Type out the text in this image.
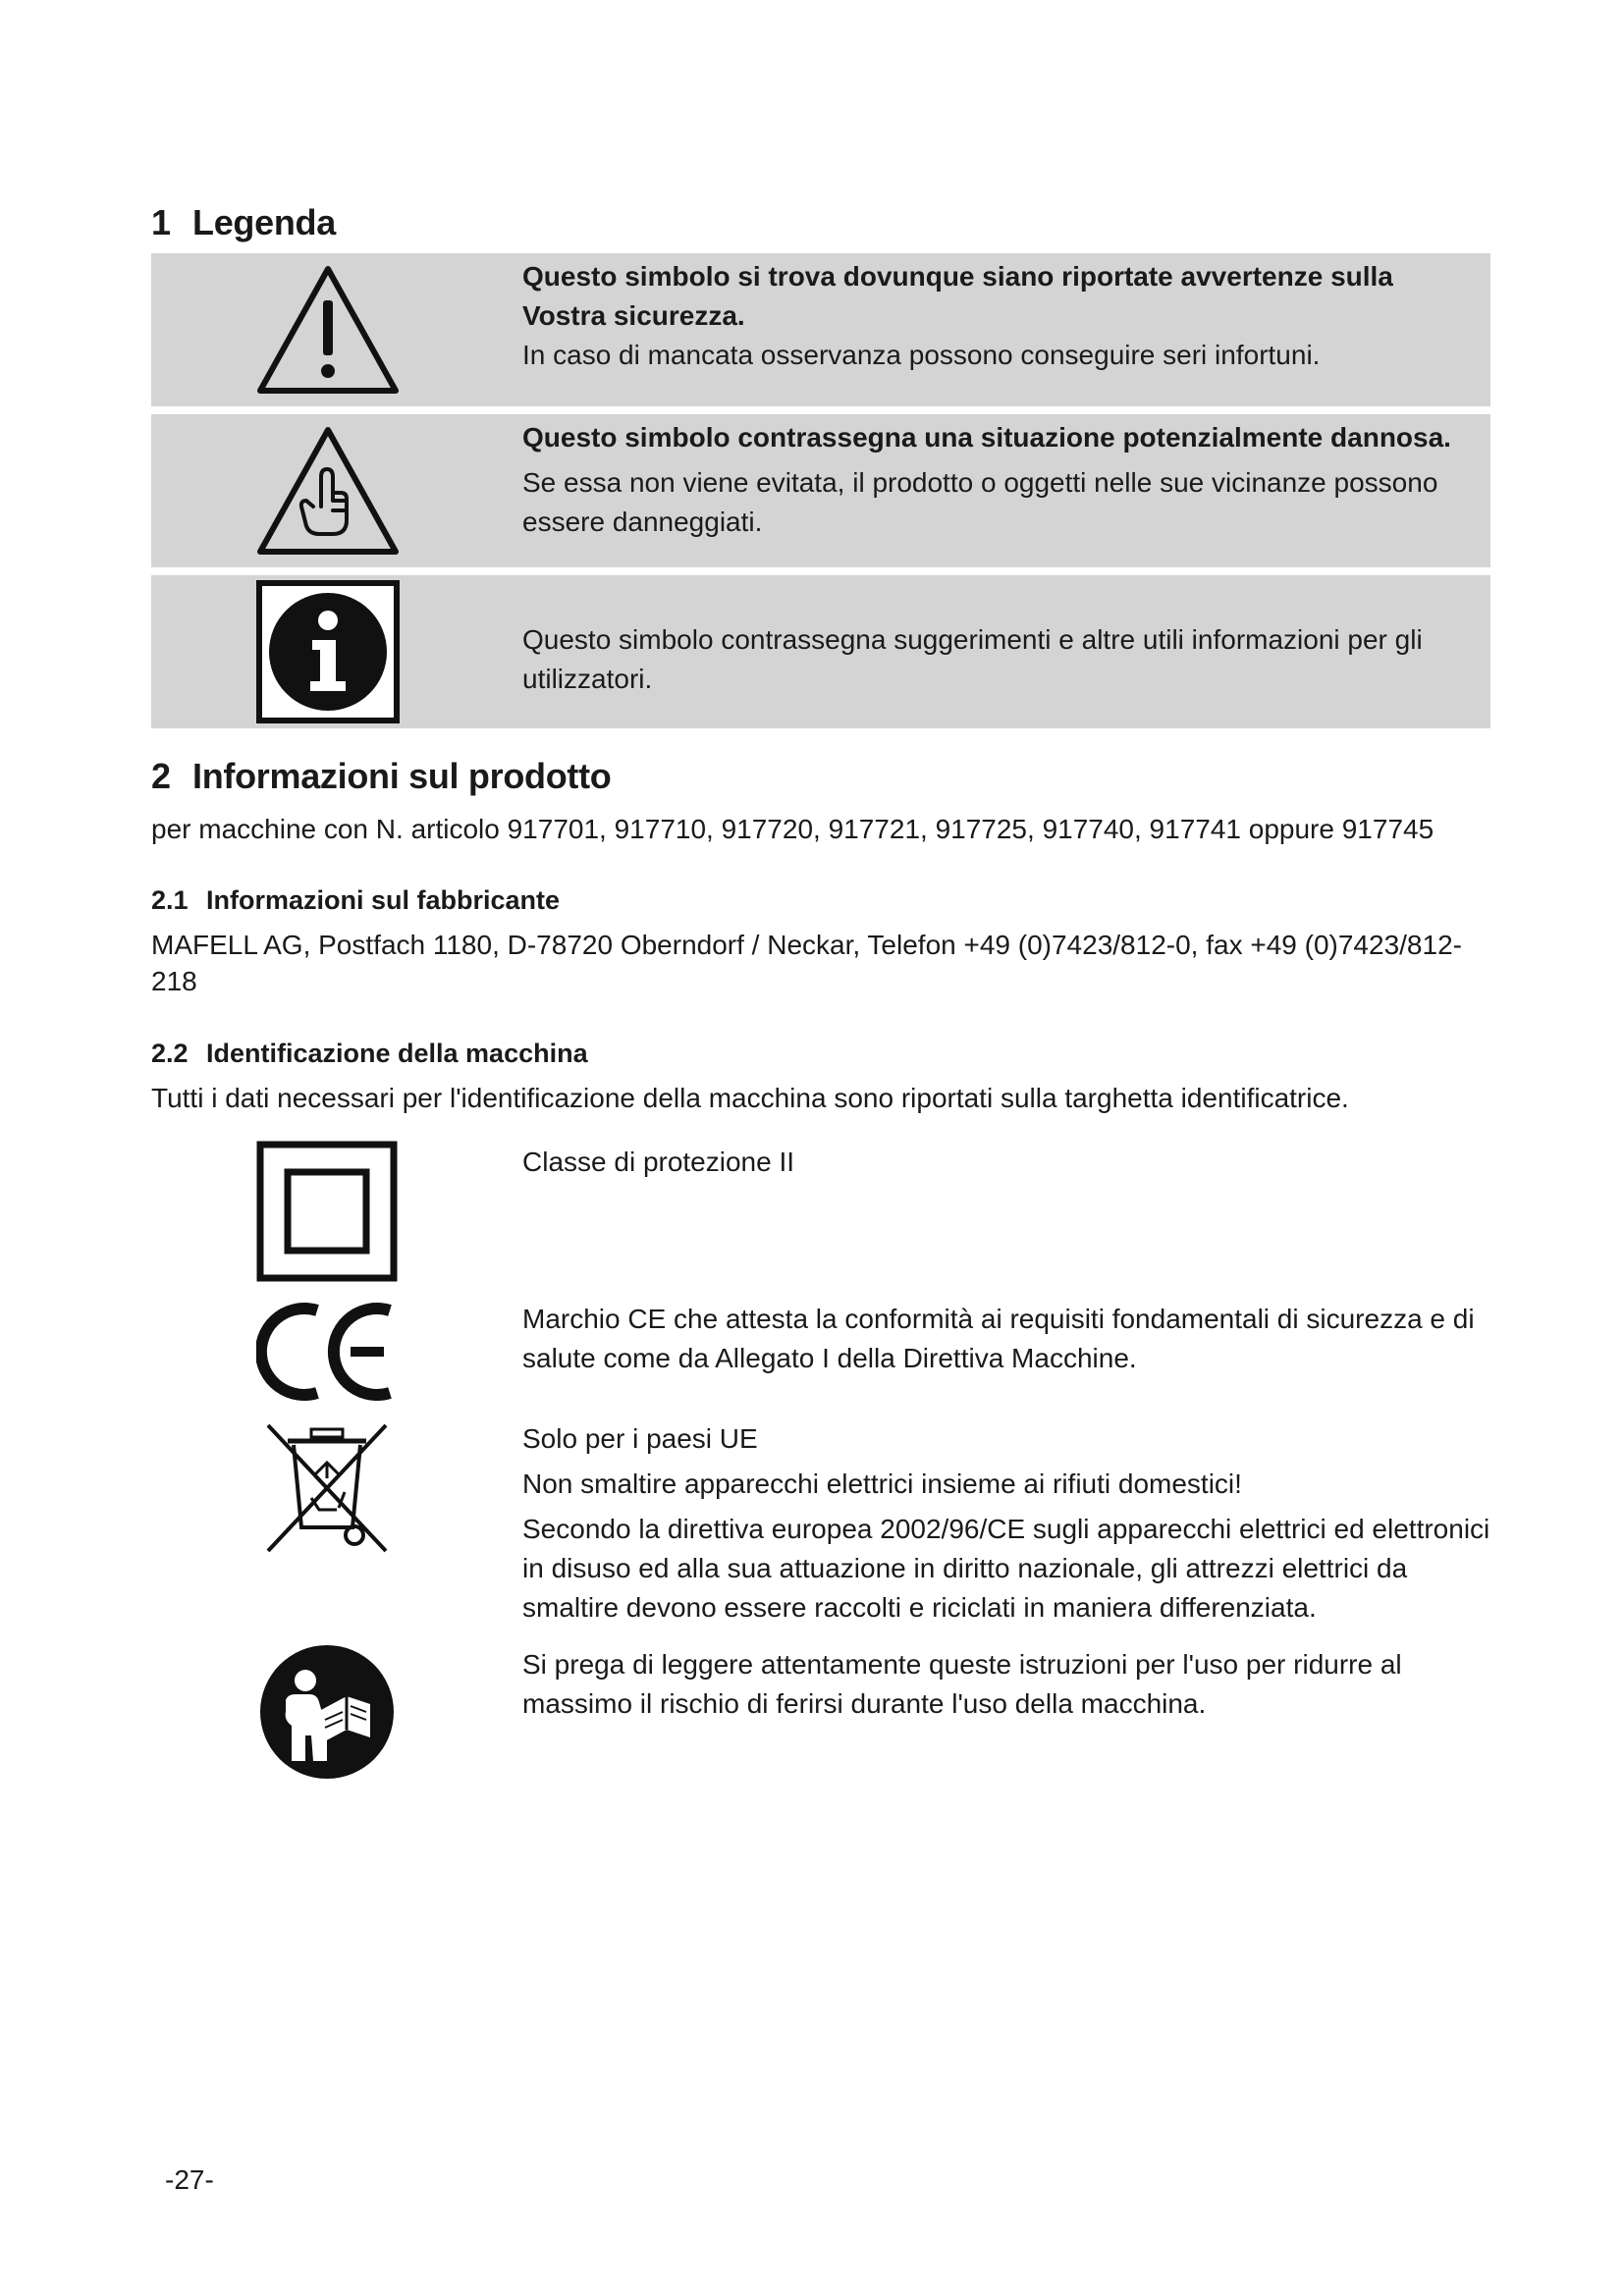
1 Legenda
Questo simbolo si trova dovunque siano riportate avvertenze sulla Vostra sicurezza.
In caso di mancata osservanza possono conseguire seri infortuni.
Questo simbolo contrassegna una situazione potenzialmente dannosa.
Se essa non viene evitata, il prodotto o oggetti nelle sue vicinanze possono essere danneggiati.
Questo simbolo contrassegna suggerimenti e altre utili informazioni per gli utilizzatori.
2 Informazioni sul prodotto

per macchine con N. articolo 917701, 917710, 917720, 917721, 917725, 917740, 917741 oppure 917745

2.1 Informazioni sul fabbricante

MAFELL AG, Postfach 1180, D-78720 Oberndorf / Neckar, Telefon +49 (0)7423/812-0, fax +49 (0)7423/812-218

2.2 Identificazione della macchina

Tutti i dati necessari per l'identificazione della macchina sono riportati sulla targhetta identificatrice.

Classe di protezione II
Marchio CE che attesta la conformità ai requisiti fondamentali di sicurezza e di salute come da Allegato I della Direttiva Macchine.
Solo per i paesi UE
Non smaltire apparecchi elettrici insieme ai rifiuti domestici!
Secondo la direttiva europea 2002/96/CE sugli apparecchi elettrici ed elettronici in disuso ed alla sua attuazione in diritto nazionale, gli attrezzi elettrici da smaltire devono essere raccolti e riciclati in maniera differenziata.
Si prega di leggere attentamente queste istruzioni per l'uso per ridurre al massimo il rischio di ferirsi durante l'uso della macchina.
-27-
